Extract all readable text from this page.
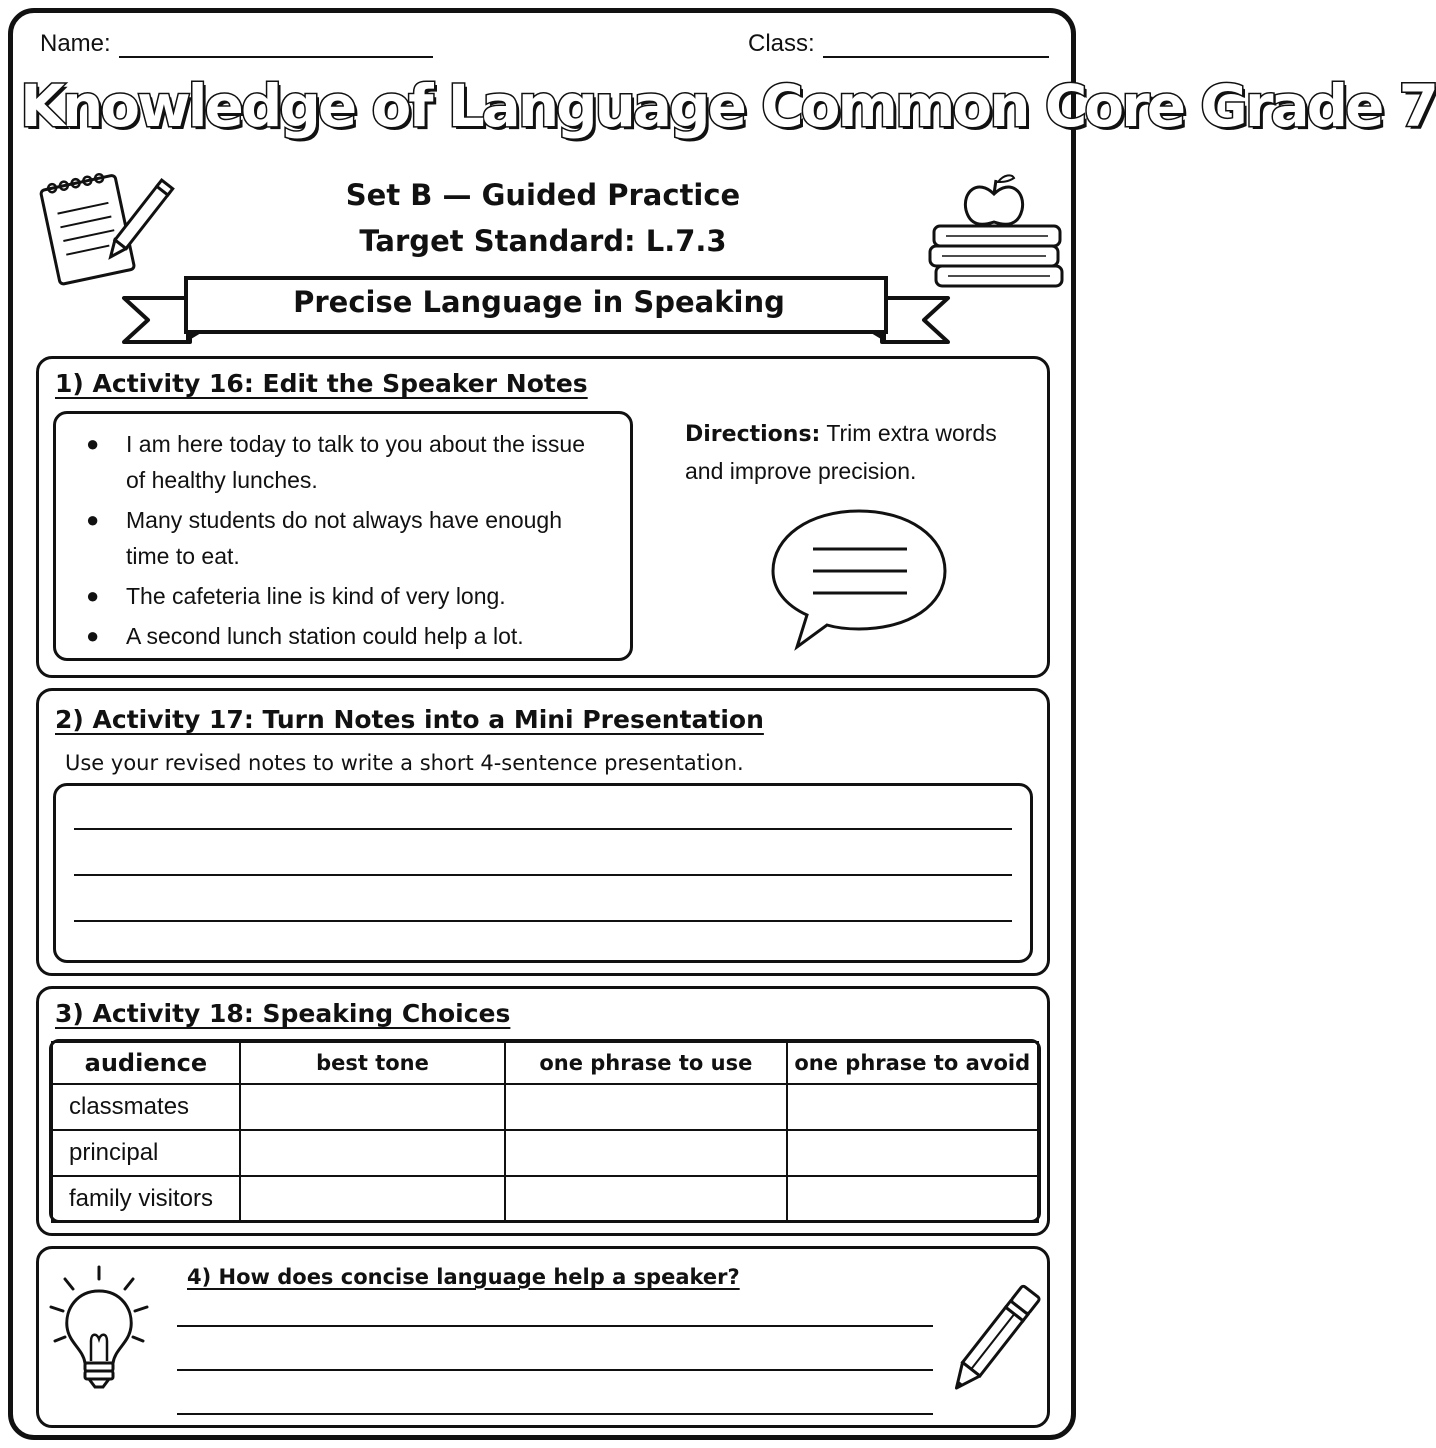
Name:	Class:
Knowledge of Language Common Core Grade 7
Set B — Guided Practice
Target Standard: L.7.3
Precise Language in Speaking
1) Activity 16: Edit the Speaker Notes
● I am here today to talk to you about the issue of healthy lunches.
● Many students do not always have enough time to eat.
● The cafeteria line is kind of very long.
● A second lunch station could help a lot.
Directions: Trim extra words and improve precision.
2) Activity 17: Turn Notes into a Mini Presentation
Use your revised notes to write a short 4-sentence presentation.
3) Activity 18: Speaking Choices
audience	best tone	one phrase to use	one phrase to avoid
classmates			
principal			
family visitors			
4) How does concise language help a speaker?
